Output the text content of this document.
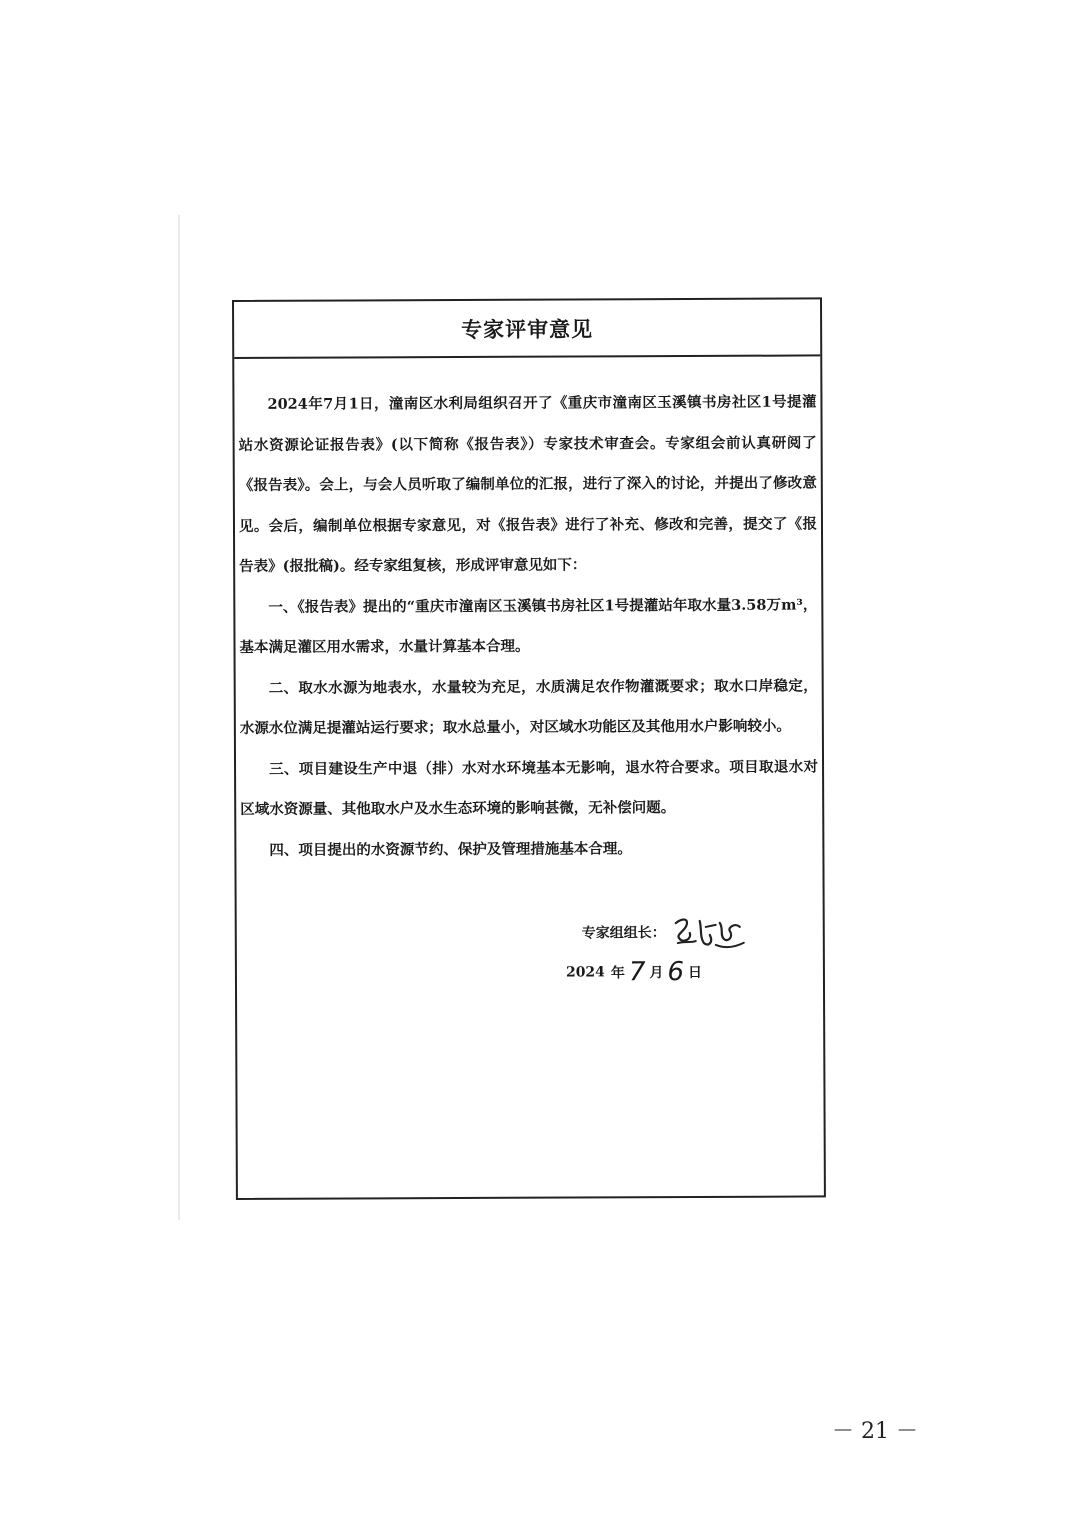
专家评审意见

2024年7月1日，潼南区水利局组织召开了《重庆市潼南区玉溪镇书房社区1号提灌站水资源论证报告表》(以下简称《报告表》）专家技术审查会。专家组会前认真研阅了《报告表》。会上，与会人员听取了编制单位的汇报，进行了深入的讨论，并提出了修改意见。会后，编制单位根据专家意见，对《报告表》进行了补充、修改和完善，提交了《报告表》(报批稿)。经专家组复核，形成评审意见如下：

一、《报告表》提出的“重庆市潼南区玉溪镇书房社区1号提灌站年取水量3.58万m³，基本满足灌区用水需求，水量计算基本合理。

二、取水水源为地表水，水量较为充足，水质满足农作物灌溉要求；取水口岸稳定，水源水位满足提灌站运行要求；取水总量小，对区域水功能区及其他用水户影响较小。

三、项目建设生产中退（排）水对水环境基本无影响，退水符合要求。项目取退水对区域水资源量、其他取水户及水生态环境的影响甚微，无补偿问题。

四、项目提出的水资源节约、保护及管理措施基本合理。

专家组组长：
2024 年 7 月 6 日
－ 21 －
